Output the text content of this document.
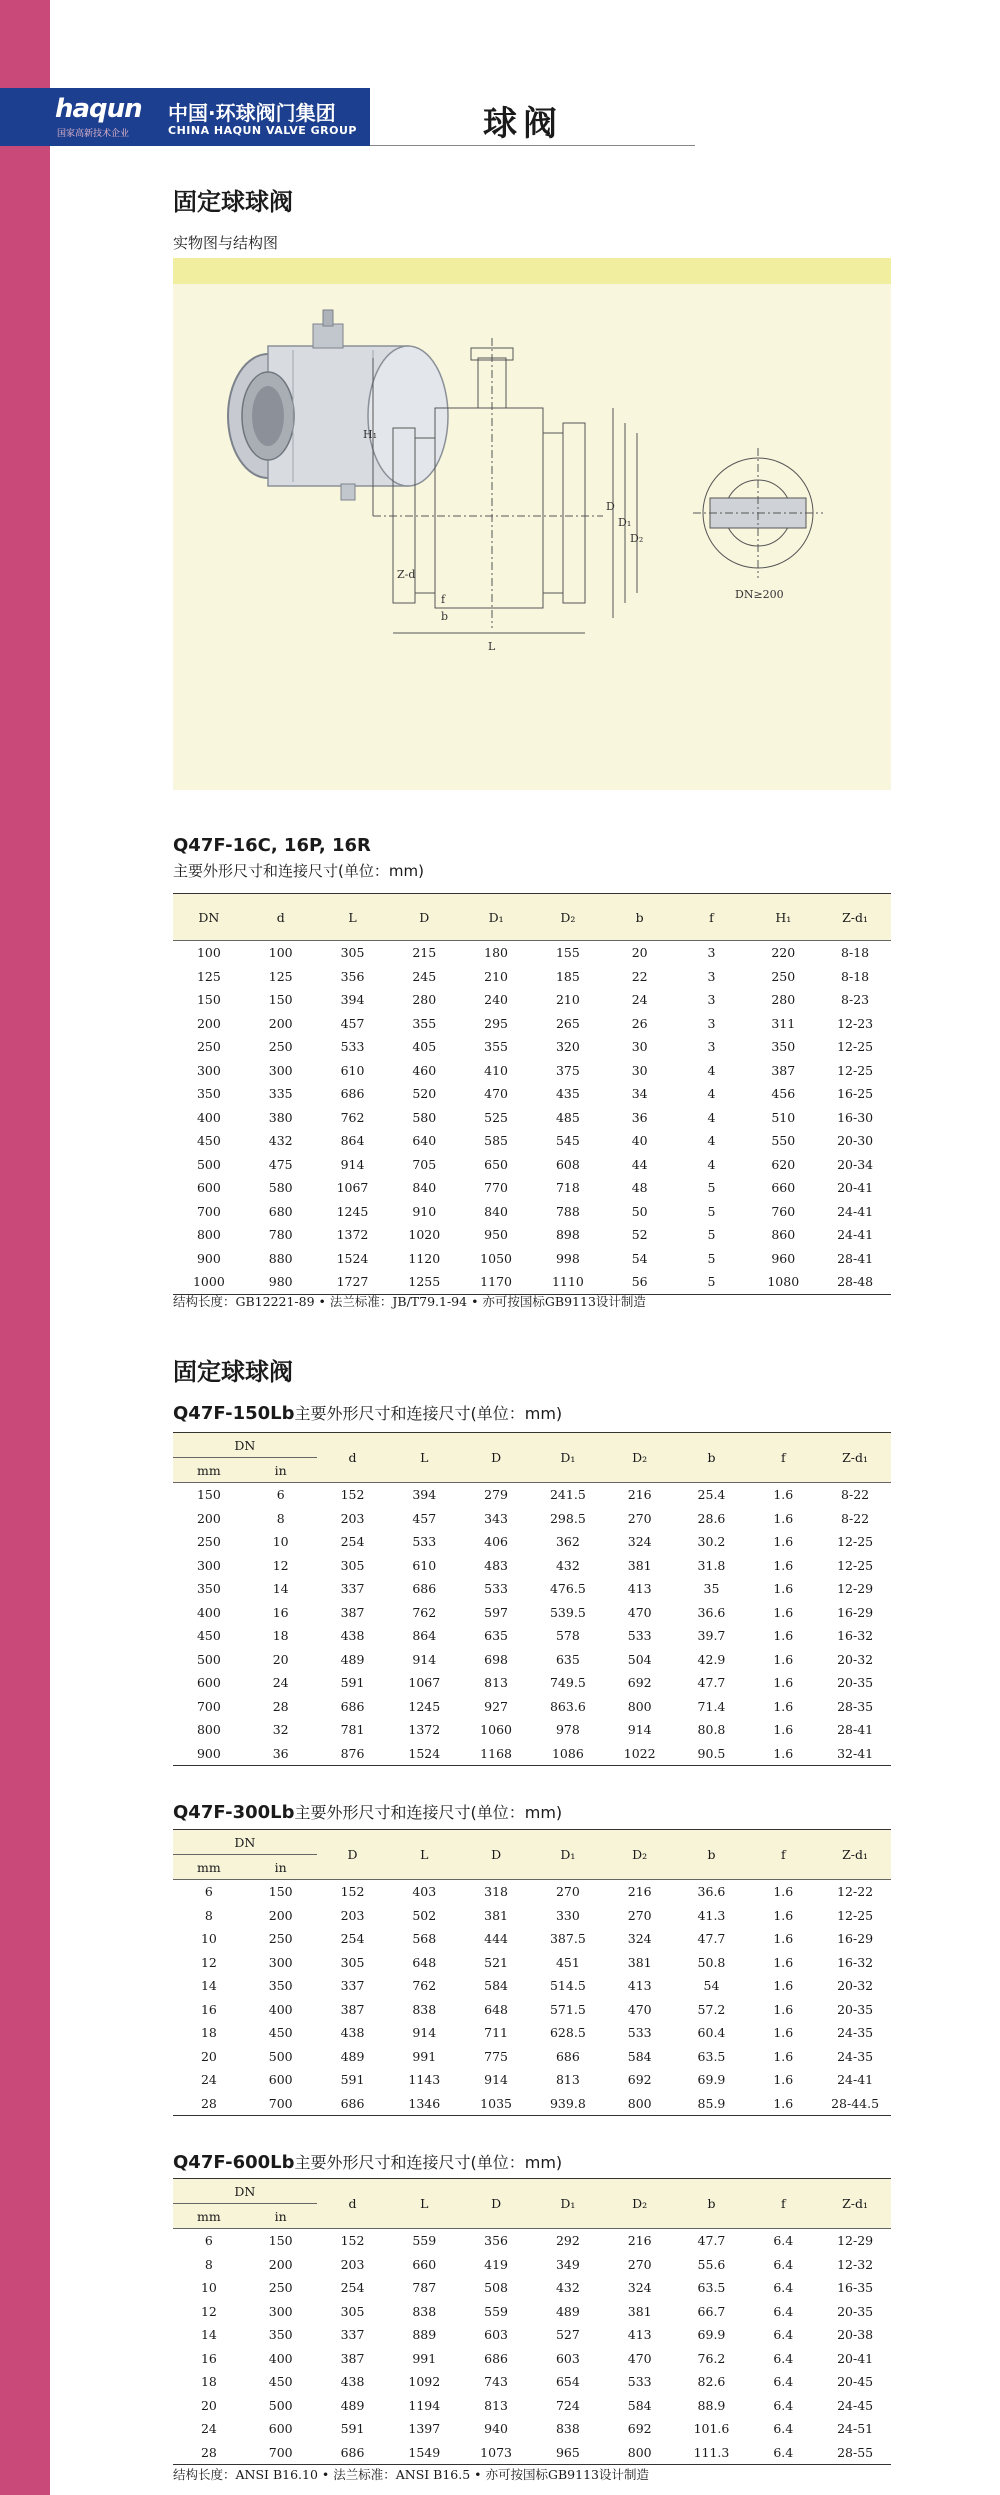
haqun
国家高新技术企业
中国·环球阀门集团
CHINA HAQUN VALVE GROUP	球阀
固定球球阀
实物图与结构图
H₁
L
D
D₁
D₂
Z-d
f
b
DN≥200
Q47F-16C, 16P, 16R
主要外形尺寸和连接尺寸(单位：mm)
DN	d	L	D	D₁	D₂	b	f	H₁	Z-d₁
100	100	305	215	180	155	20	3	220	8-18
125	125	356	245	210	185	22	3	250	8-18
150	150	394	280	240	210	24	3	280	8-23
200	200	457	355	295	265	26	3	311	12-23
250	250	533	405	355	320	30	3	350	12-25
300	300	610	460	410	375	30	4	387	12-25
350	335	686	520	470	435	34	4	456	16-25
400	380	762	580	525	485	36	4	510	16-30
450	432	864	640	585	545	40	4	550	20-30
500	475	914	705	650	608	44	4	620	20-34
600	580	1067	840	770	718	48	5	660	20-41
700	680	1245	910	840	788	50	5	760	24-41
800	780	1372	1020	950	898	52	5	860	24-41
900	880	1524	1120	1050	998	54	5	960	28-41
1000	980	1727	1255	1170	1110	56	5	1080	28-48
结构长度：GB12221-89 • 法兰标准：JB/T79.1-94 • 亦可按国标GB9113设计制造
固定球球阀
Q47F-150Lb主要外形尺寸和连接尺寸(单位：mm)
DN		d	L	D	D₁	D₂	b	f	Z-d₁
mm	in								
150	6	152	394	279	241.5	216	25.4	1.6	8-22
200	8	203	457	343	298.5	270	28.6	1.6	8-22
250	10	254	533	406	362	324	30.2	1.6	12-25
300	12	305	610	483	432	381	31.8	1.6	12-25
350	14	337	686	533	476.5	413	35	1.6	12-29
400	16	387	762	597	539.5	470	36.6	1.6	16-29
450	18	438	864	635	578	533	39.7	1.6	16-32
500	20	489	914	698	635	504	42.9	1.6	20-32
600	24	591	1067	813	749.5	692	47.7	1.6	20-35
700	28	686	1245	927	863.6	800	71.4	1.6	28-35
800	32	781	1372	1060	978	914	80.8	1.6	28-41
900	36	876	1524	1168	1086	1022	90.5	1.6	32-41
Q47F-300Lb主要外形尺寸和连接尺寸(单位：mm)
DN		D	L	D	D₁	D₂	b	f	Z-d₁
mm	in								
6	150	152	403	318	270	216	36.6	1.6	12-22
8	200	203	502	381	330	270	41.3	1.6	12-25
10	250	254	568	444	387.5	324	47.7	1.6	16-29
12	300	305	648	521	451	381	50.8	1.6	16-32
14	350	337	762	584	514.5	413	54	1.6	20-32
16	400	387	838	648	571.5	470	57.2	1.6	20-35
18	450	438	914	711	628.5	533	60.4	1.6	24-35
20	500	489	991	775	686	584	63.5	1.6	24-35
24	600	591	1143	914	813	692	69.9	1.6	24-41
28	700	686	1346	1035	939.8	800	85.9	1.6	28-44.5
Q47F-600Lb主要外形尺寸和连接尺寸(单位：mm)
DN		d	L	D	D₁	D₂	b	f	Z-d₁
mm	in								
6	150	152	559	356	292	216	47.7	6.4	12-29
8	200	203	660	419	349	270	55.6	6.4	12-32
10	250	254	787	508	432	324	63.5	6.4	16-35
12	300	305	838	559	489	381	66.7	6.4	20-35
14	350	337	889	603	527	413	69.9	6.4	20-38
16	400	387	991	686	603	470	76.2	6.4	20-41
18	450	438	1092	743	654	533	82.6	6.4	20-45
20	500	489	1194	813	724	584	88.9	6.4	24-45
24	600	591	1397	940	838	692	101.6	6.4	24-51
28	700	686	1549	1073	965	800	111.3	6.4	28-55
结构长度：ANSI B16.10 • 法兰标准：ANSI B16.5 • 亦可按国标GB9113设计制造
